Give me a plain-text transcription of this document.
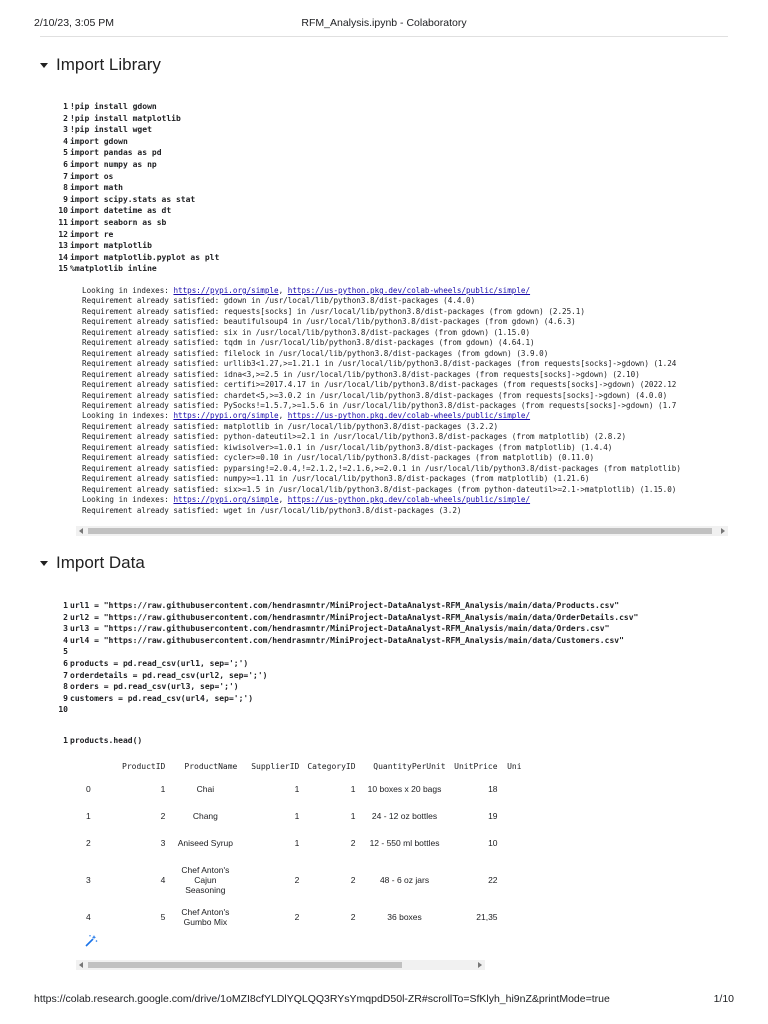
2/10/23, 3:05 PM	RFM_Analysis.ipynb - Colaboratory
Import Library
1 !pip install gdown
2 !pip install matplotlib
3 !pip install wget
4 import gdown
5 import pandas as pd
6 import numpy as np
7 import os
8 import math
9 import scipy.stats as stat
10 import datetime as dt
11 import seaborn as sb
12 import re
13 import matplotlib
14 import matplotlib.pyplot as plt
15 %matplotlib inline
Looking in indexes: https://pypi.org/simple, https://us-python.pkg.dev/colab-wheels/public/simple/
Requirement already satisfied: gdown in /usr/local/lib/python3.8/dist-packages (4.4.0)
Requirement already satisfied: requests[socks] in /usr/local/lib/python3.8/dist-packages (from gdown) (2.25.1)
Requirement already satisfied: beautifulsoup4 in /usr/local/lib/python3.8/dist-packages (from gdown) (4.6.3)
Requirement already satisfied: six in /usr/local/lib/python3.8/dist-packages (from gdown) (1.15.0)
Requirement already satisfied: tqdm in /usr/local/lib/python3.8/dist-packages (from gdown) (4.64.1)
Requirement already satisfied: filelock in /usr/local/lib/python3.8/dist-packages (from gdown) (3.9.0)
Requirement already satisfied: urllib3<1.27,>=1.21.1 in /usr/local/lib/python3.8/dist-packages (from requests[socks]->gdown) (1.24
Requirement already satisfied: idna<3,>=2.5 in /usr/local/lib/python3.8/dist-packages (from requests[socks]->gdown) (2.10)
Requirement already satisfied: certifi>=2017.4.17 in /usr/local/lib/python3.8/dist-packages (from requests[socks]->gdown) (2022.12
Requirement already satisfied: chardet<5,>=3.0.2 in /usr/local/lib/python3.8/dist-packages (from requests[socks]->gdown) (4.0.0)
Requirement already satisfied: PySocks!=1.5.7,>=1.5.6 in /usr/local/lib/python3.8/dist-packages (from requests[socks]->gdown) (1.7
Looking in indexes: https://pypi.org/simple, https://us-python.pkg.dev/colab-wheels/public/simple/
Requirement already satisfied: matplotlib in /usr/local/lib/python3.8/dist-packages (3.2.2)
Requirement already satisfied: python-dateutil>=2.1 in /usr/local/lib/python3.8/dist-packages (from matplotlib) (2.8.2)
Requirement already satisfied: kiwisolver>=1.0.1 in /usr/local/lib/python3.8/dist-packages (from matplotlib) (1.4.4)
Requirement already satisfied: cycler>=0.10 in /usr/local/lib/python3.8/dist-packages (from matplotlib) (0.11.0)
Requirement already satisfied: pyparsing!=2.0.4,!=2.1.2,!=2.1.6,>=2.0.1 in /usr/local/lib/python3.8/dist-packages (from matplotlib)
Requirement already satisfied: numpy>=1.11 in /usr/local/lib/python3.8/dist-packages (from matplotlib) (1.21.6)
Requirement already satisfied: six>=1.5 in /usr/local/lib/python3.8/dist-packages (from python-dateutil>=2.1->matplotlib) (1.15.0)
Looking in indexes: https://pypi.org/simple, https://us-python.pkg.dev/colab-wheels/public/simple/
Requirement already satisfied: wget in /usr/local/lib/python3.8/dist-packages (3.2)
Import Data
1 url1 = "https://raw.githubusercontent.com/hendrasmntr/MiniProject-DataAnalyst-RFM_Analysis/main/data/Products.csv"
2 url2 = "https://raw.githubusercontent.com/hendrasmntr/MiniProject-DataAnalyst-RFM_Analysis/main/data/OrderDetails.csv"
3 url3 = "https://raw.githubusercontent.com/hendrasmntr/MiniProject-DataAnalyst-RFM_Analysis/main/data/Orders.csv"
4 url4 = "https://raw.githubusercontent.com/hendrasmntr/MiniProject-DataAnalyst-RFM_Analysis/main/data/Customers.csv"
5
6 products = pd.read_csv(url1, sep=';')
7 orderdetails = pd.read_csv(url2, sep=';')
8 orders = pd.read_csv(url3, sep=';')
9 customers = pd.read_csv(url4, sep=';')
10
1 products.head()
	ProductID	ProductName	SupplierID	CategoryID	QuantityPerUnit	UnitPrice	Uni
0	1	Chai	1	1	10 boxes x 20 bags	18	
1	2	Chang	1	1	24 - 12 oz bottles	19	
2	3	Aniseed Syrup	1	2	12 - 550 ml bottles	10	
3	4	Chef Anton's Cajun Seasoning	2	2	48 - 6 oz jars	22	
4	5	Chef Anton's Gumbo Mix	2	2	36 boxes	21,35	
https://colab.research.google.com/drive/1oMZI8cfYLDlYQLQQ3RYsYmqpdD50l-ZR#scrollTo=SfKlyh_hi9nZ&printMode=true	1/10
